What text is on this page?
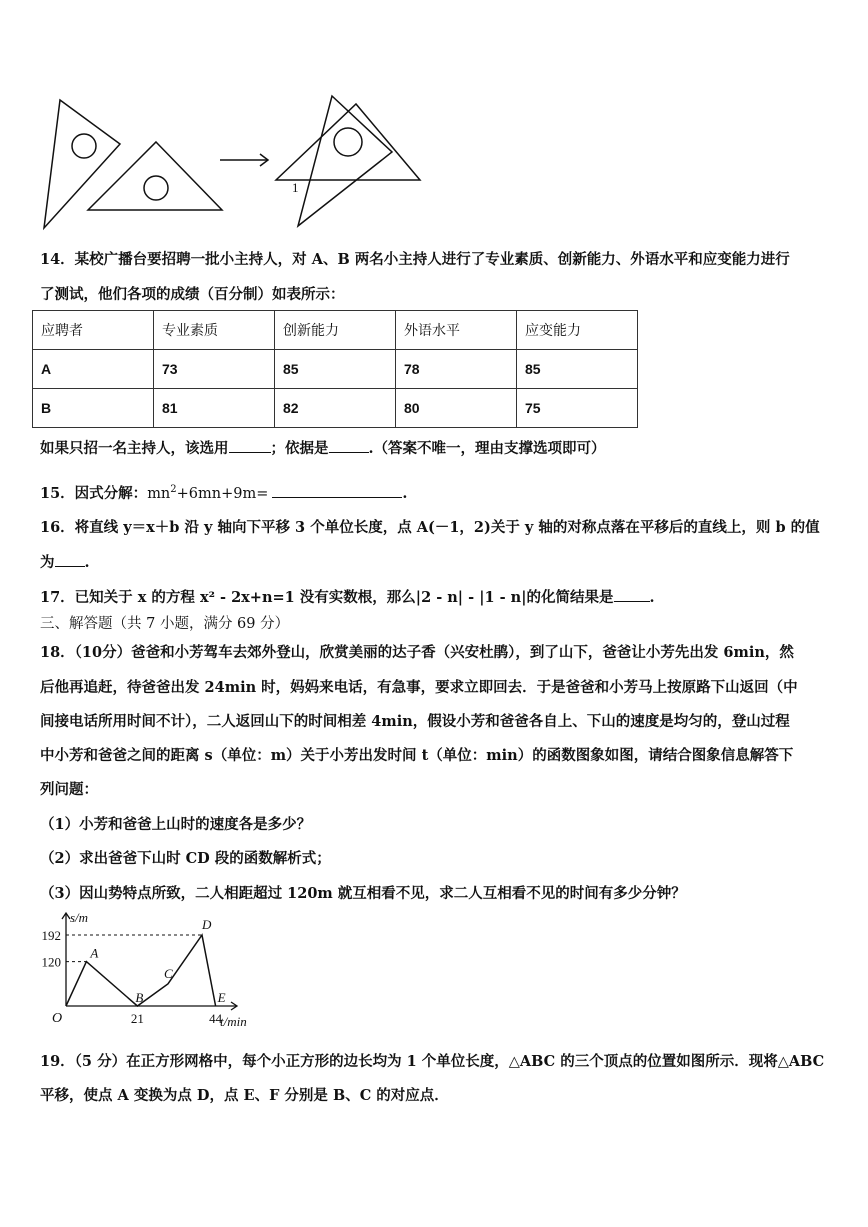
1
14．某校广播台要招聘一批小主持人，对 A、B 两名小主持人进行了专业素质、创新能力、外语水平和应变能力进行
了测试，他们各项的成绩（百分制）如表所示：
应聘者	专业素质	创新能力	外语水平	应变能力
A	73	85	78	85
B	81	82	80	75
如果只招一名主持人，该选用	；依据是	.（答案不唯一，理由支撑选项即可）
15．因式分解：$mn^2+6mn+9m=$	.
16．将直线 y＝x＋b 沿 y 轴向下平移 3 个单位长度，点 A(－1，2)关于 y 轴的对称点落在平移后的直线上，则 b 的值
为 .
17．已知关于 x 的方程 x² - 2x+n=1 没有实数根，那么|2 - n| - |1 - n|的化简结果是 .
三、解答题（共 7 小题，满分 69 分）
18．（10分）爸爸和小芳驾车去郊外登山，欣赏美丽的达子香（兴安杜鹃），到了山下，爸爸让小芳先出发 6min，然
后他再追赶，待爸爸出发 24min 时，妈妈来电话，有急事，要求立即回去．于是爸爸和小芳马上按原路下山返回（中
间接电话所用时间不计），二人返回山下的时间相差 4min，假设小芳和爸爸各自上、下山的速度是均匀的，登山过程
中小芳和爸爸之间的距离 s（单位：m）关于小芳出发时间 t（单位：min）的函数图象如图，请结合图象信息解答下
列问题：
（1）小芳和爸爸上山时的速度各是多少？
（2）求出爸爸下山时 CD 段的函数解析式；
（3）因山势特点所致，二人相距超过 120m 就互相看不见，求二人互相看不见的时间有多少分钟？
s/m
t/min
O
120
192
21	44
A
B
C
D
E
19．（5 分）在正方形网格中，每个小正方形的边长均为 1 个单位长度，△ABC 的三个顶点的位置如图所示．现将△ABC
平移，使点 A 变换为点 D，点 E、F 分别是 B、C 的对应点．
